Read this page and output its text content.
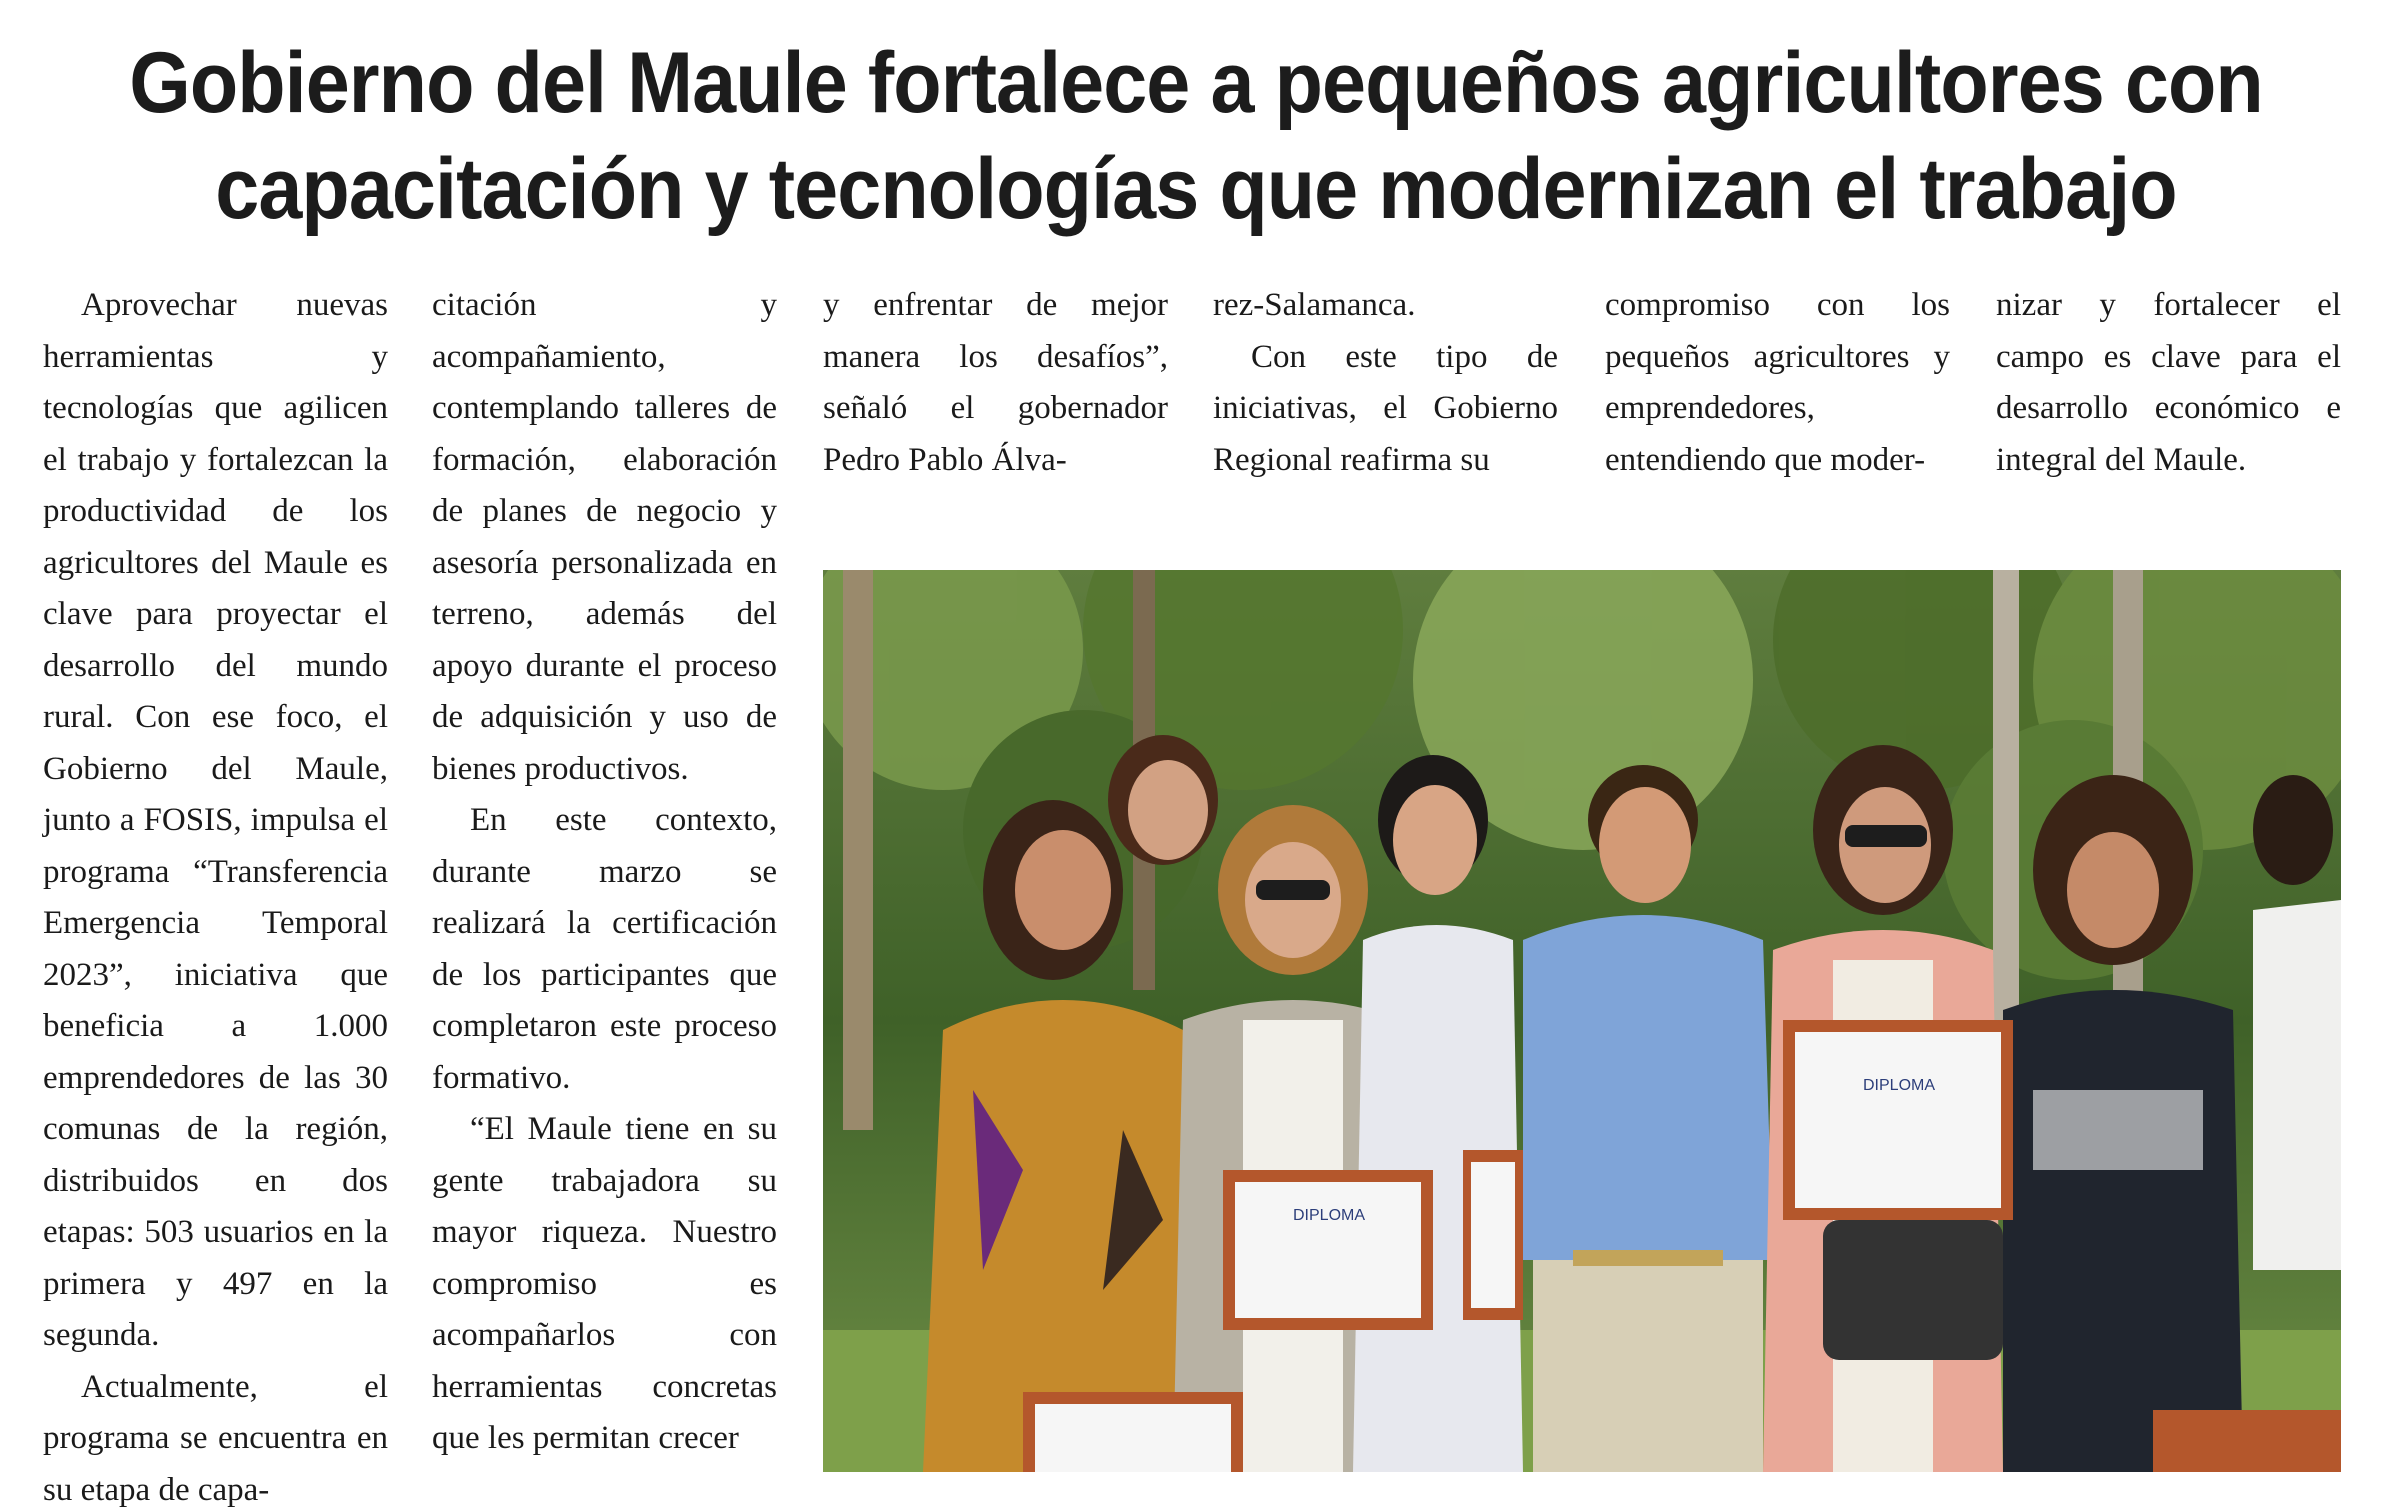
Gobierno del Maule fortalece a pequeños agricultores con
capacitación y tecnologías que modernizan el trabajo

Aprovechar nuevas herramientas y tecnologías que agilicen el trabajo y fortalezcan la productividad de los agricultores del Maule es clave para proyectar el desarrollo del mundo rural. Con ese foco, el Gobierno del Maule, junto a FOSIS, impulsa el programa “Transferencia Emergencia Temporal 2023”, iniciativa que beneficia a 1.000 emprendedores de las 30 comunas de la región, distribuidos en dos etapas: 503 usuarios en la primera y 497 en la segunda.

Actualmente, el programa se encuentra en su etapa de capa-

citación y acompañamiento, contemplando talleres de formación, elaboración de planes de negocio y asesoría personalizada en terreno, además del apoyo durante el proceso de adquisición y uso de bienes productivos.

En este contexto, durante marzo se realizará la certificación de los participantes que completaron este proceso formativo.

“El Maule tiene en su gente trabajadora su mayor riqueza. Nuestro compromiso es acompañarlos con herramientas concretas que les permitan crecer

y enfrentar de mejor manera los desafíos”, señaló el gobernador Pedro Pablo Álva-

rez-Salamanca.

Con este tipo de iniciativas, el Gobierno Regional reafirma su

compromiso con los pequeños agricultores y emprendedores, entendiendo que moder-

nizar y fortalecer el campo es clave para el desarrollo económico e integral del Maule.

DIPLOMA
DIPLOMA
